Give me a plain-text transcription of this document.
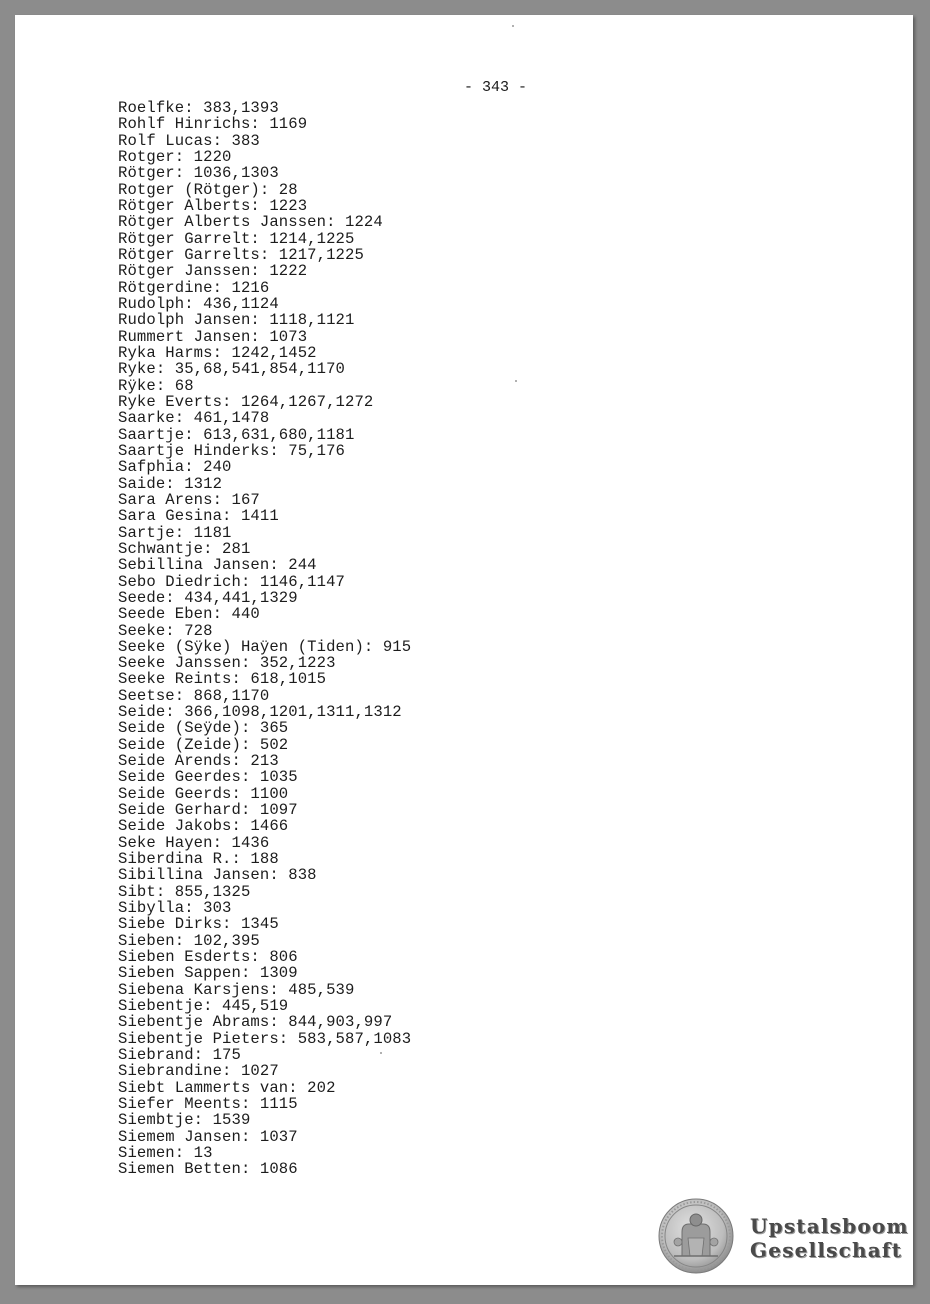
- 343 -
Roelfke: 383,1393
Rohlf Hinrichs: 1169
Rolf Lucas: 383
Rotger: 1220
Rötger: 1036,1303
Rotger (Rötger): 28
Rötger Alberts: 1223
Rötger Alberts Janssen: 1224
Rötger Garrelt: 1214,1225
Rötger Garrelts: 1217,1225
Rötger Janssen: 1222
Rötgerdine: 1216
Rudolph: 436,1124
Rudolph Jansen: 1118,1121
Rummert Jansen: 1073
Ryka Harms: 1242,1452
Ryke: 35,68,541,854,1170
Rÿke: 68
Ryke Everts: 1264,1267,1272
Saarke: 461,1478
Saartje: 613,631,680,1181
Saartje Hinderks: 75,176
Safphia: 240
Saide: 1312
Sara Arens: 167
Sara Gesina: 1411
Sartje: 1181
Schwantje: 281
Sebillina Jansen: 244
Sebo Diedrich: 1146,1147
Seede: 434,441,1329
Seede Eben: 440
Seeke: 728
Seeke (Sÿke) Haÿen (Tiden): 915
Seeke Janssen: 352,1223
Seeke Reints: 618,1015
Seetse: 868,1170
Seide: 366,1098,1201,1311,1312
Seide (Seÿde): 365
Seide (Zeide): 502
Seide Arends: 213
Seide Geerdes: 1035
Seide Geerds: 1100
Seide Gerhard: 1097
Seide Jakobs: 1466
Seke Hayen: 1436
Siberdina R.: 188
Sibillina Jansen: 838
Sibt: 855,1325
Sibylla: 303
Siebe Dirks: 1345
Sieben: 102,395
Sieben Esderts: 806
Sieben Sappen: 1309
Siebena Karsjens: 485,539
Siebentje: 445,519
Siebentje Abrams: 844,903,997
Siebentje Pieters: 583,587,1083
Siebrand: 175
Siebrandine: 1027
Siebt Lammerts van: 202
Siefer Meents: 1115
Siembtje: 1539
Siemem Jansen: 1037
Siemen: 13
Siemen Betten: 1086
Upstalsboom
Gesellschaft
